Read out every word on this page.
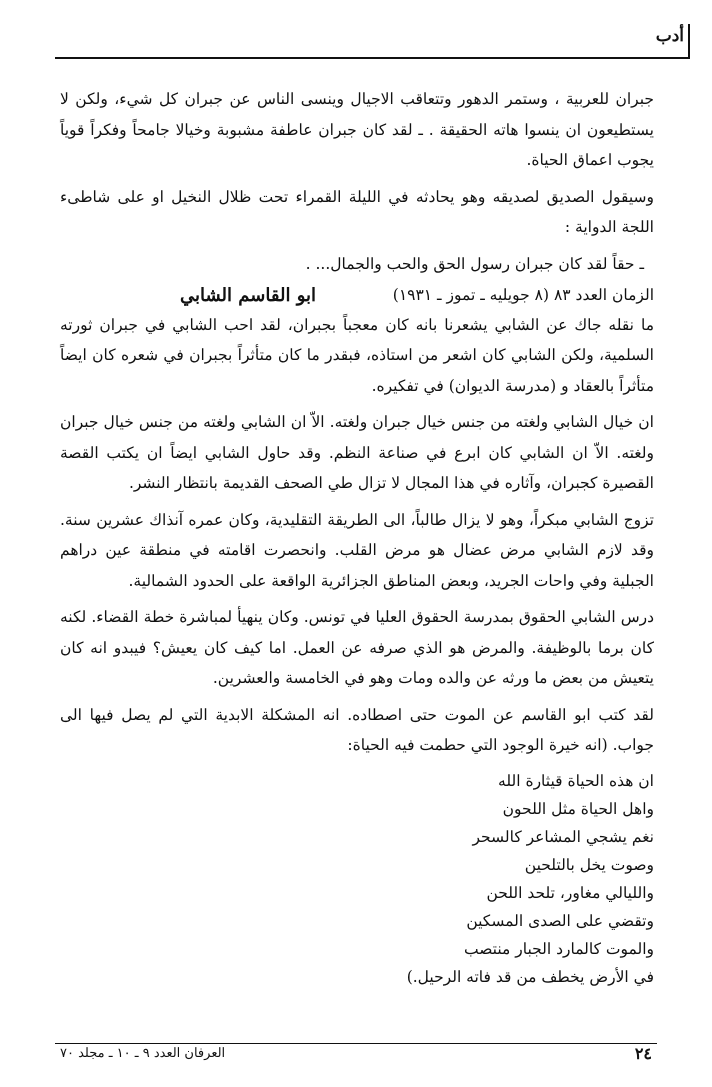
أدب

جبران للعربية ، وستمر الدهور وتتعاقب الاجيال وينسى الناس عن جبران كل شيء، ولكن لا يستطيعون ان ينسوا هاته الحقيقة . ـ لقد كان جبران عاطفة مشبوبة وخيالا جامحاً وفكراً قوياً يجوب اعماق الحياة.

وسيقول الصديق لصديقه وهو يحادثه في الليلة القمراء تحت ظلال النخيل او على شاطىء اللجة الدواية :

ـ حقاً لقد كان جبران رسول الحق والحب والجمال... .
الزمان العدد ٨٣ (٨ جويليه ـ تموز ـ ١٩٣١)
ابو القاسم الشابي

ما نقله جاك عن الشابي يشعرنا بانه كان معجباً بجبران، لقد احب الشابي في جبران ثورته السلمية، ولكن الشابي كان اشعر من استاذه، فبقدر ما كان متأثراً بجبران في شعره كان ايضاً متأثراً بالعقاد و (مدرسة الديوان) في تفكيره.

ان خيال الشابي ولغته من جنس خيال جبران ولغته. الاّ ان الشابي ولغته من جنس خيال جبران ولغته. الاّ ان الشابي كان ابرع في صناعة النظم. وقد حاول الشابي ايضاً ان يكتب القصة القصيرة كجبران، وآثاره في هذا المجال لا تزال طي الصحف القديمة بانتظار النشر.

تزوج الشابي مبكراً، وهو لا يزال طالباً، الى الطريقة التقليدية، وكان عمره آنذاك عشرين سنة. وقد لازم الشابي مرض عضال هو مرض القلب. وانحصرت اقامته في منطقة عين دراهم الجبلية وفي واحات الجريد، وبعض المناطق الجزائرية الواقعة على الحدود الشمالية.

درس الشابي الحقوق بمدرسة الحقوق العليا في تونس. وكان ينهيأ لمباشرة خطة القضاء. لكنه كان برما بالوظيفة. والمرض هو الذي صرفه عن العمل. اما كيف كان يعيش؟ فيبدو انه كان يتعيش من بعض ما ورثه عن والده ومات وهو في الخامسة والعشرين.

لقد كتب ابو القاسم عن الموت حتى اصطاده. انه المشكلة الابدية التي لم يصل فيها الى جواب. (انه خيرة الوجود التي حطمت فيه الحياة:

ان هذه الحياة قيثارة الله
واهل الحياة مثل اللحون
نغم يشجي المشاعر كالسحر
وصوت يخل بالتلحين
والليالي مغاور، تلحد اللحن
وتقضي على الصدى المسكين
والموت كالمارد الجبار منتصب
في الأرض يخطف من قد فاته الرحيل.)
٢٤
العرفان العدد ٩ ـ ١٠ ـ مجلد ٧٠
